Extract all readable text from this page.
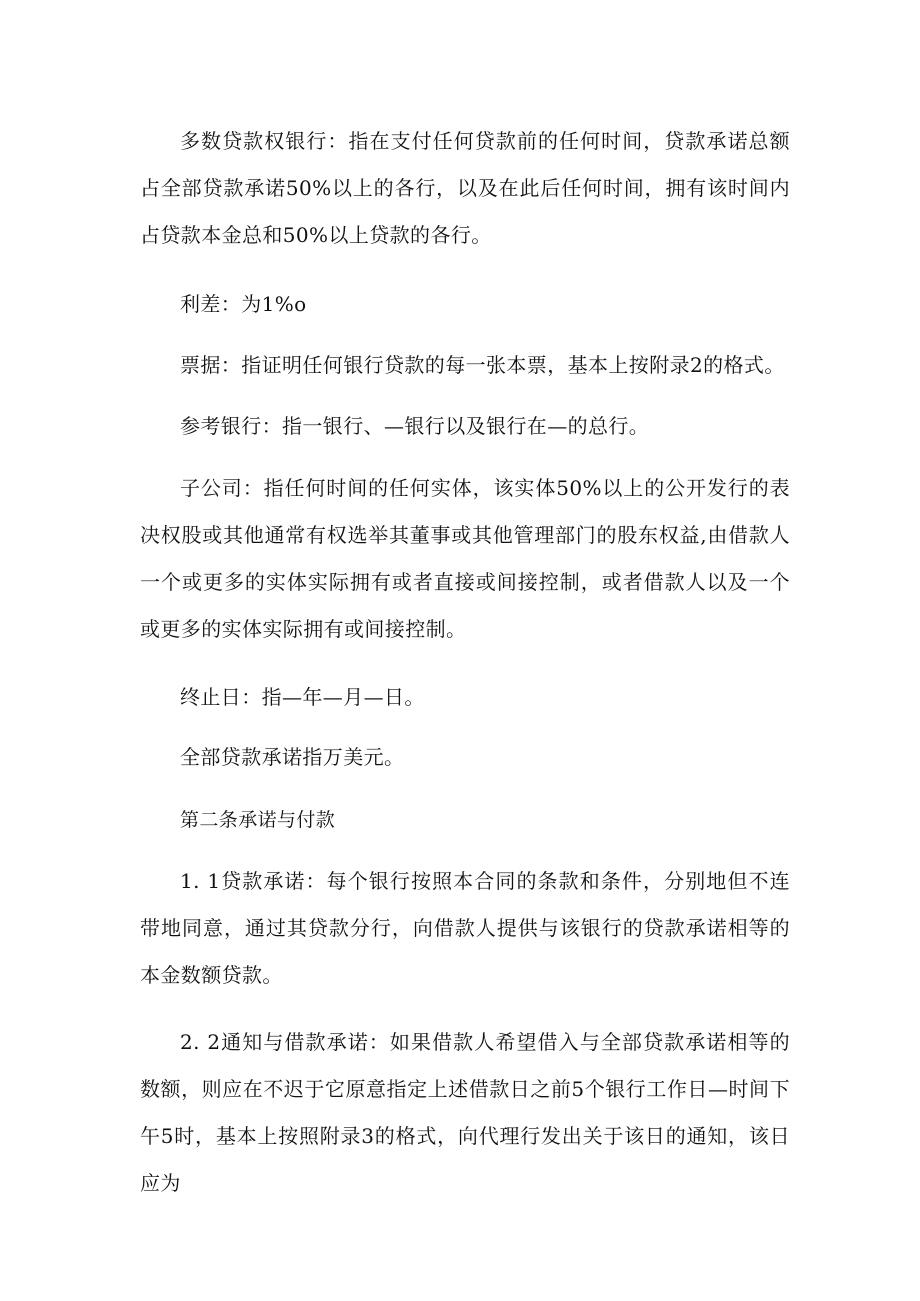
多数贷款权银行：指在支付任何贷款前的任何时间，贷款承诺总额占全部贷款承诺50%以上的各行，以及在此后任何时间，拥有该时间内占贷款本金总和50%以上贷款的各行。

利差：为1%o

票据：指证明任何银行贷款的每一张本票，基本上按附录2的格式。

参考银行：指一银行、—银行以及银行在—的总行。

子公司：指任何时间的任何实体，该实体50%以上的公开发行的表决权股或其他通常有权选举其董事或其他管理部门的股东权益,由借款人一个或更多的实体实际拥有或者直接或间接控制，或者借款人以及一个或更多的实体实际拥有或间接控制。

终止日：指—年—月—日。

全部贷款承诺指万美元。

第二条承诺与付款

1. 1贷款承诺：每个银行按照本合同的条款和条件，分别地但不连带地同意，通过其贷款分行，向借款人提供与该银行的贷款承诺相等的本金数额贷款。

2. 2通知与借款承诺：如果借款人希望借入与全部贷款承诺相等的数额，则应在不迟于它原意指定上述借款日之前5个银行工作日—时间下午5时，基本上按照附录3的格式，向代理行发出关于该日的通知，该日应为
